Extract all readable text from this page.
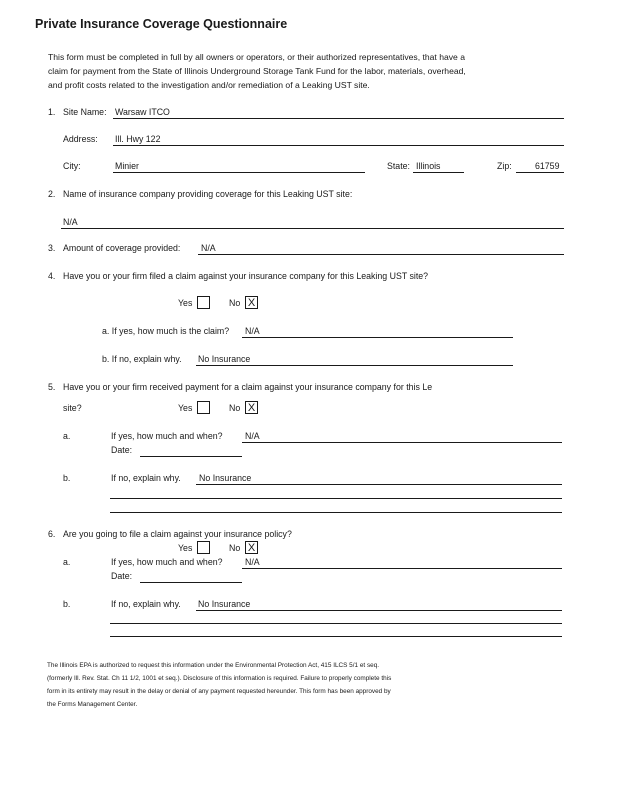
Private Insurance Coverage Questionnaire
This form must be completed in full by all owners or operators, or their authorized representatives, that have a
claim for payment from the State of Illinois Underground Storage Tank Fund for the labor, materials, overhead,
and profit costs related to the investigation and/or remediation of a Leaking UST site.
1. Site Name: Warsaw ITCO
Address: Ill. Hwy 122
City:	Minier	State: Illinois	Zip:	61759
2. Name of insurance company providing coverage for this Leaking UST site:
N/A
3. Amount of coverage provided: N/A
4. Have you or your firm filed a claim against your insurance company for this Leaking UST site?
Yes	No X
a. If yes, how much is the claim? N/A
b. If no, explain why. No Insurance
5. Have you or your firm received payment for a claim against your insurance company for this Le
site?	Yes	No X
a.	If yes, how much and when?	N/A
Date:
b.	If no, explain why. No Insurance
6. Are you going to file a claim against your insurance policy?
Yes	No X
a.	If yes, how much and when?	N/A
Date:
b.	If no, explain why. No Insurance
The Illinois EPA is authorized to request this information under the Environmental Protection Act, 415 ILCS 5/1 et seq.
(formerly Ill. Rev. Stat. Ch 11 1/2, 1001 et seq.). Disclosure of this information is required. Failure to properly complete this
form in its entirety may result in the delay or denial of any payment requested hereunder. This form has been approved by
the Forms Management Center.
